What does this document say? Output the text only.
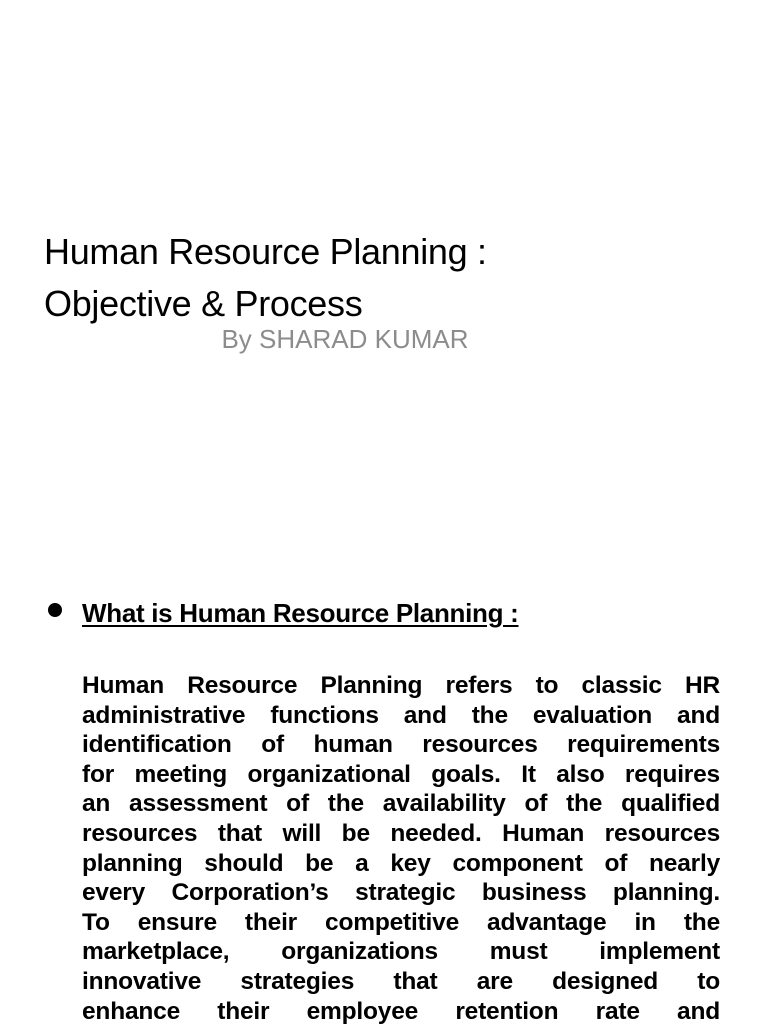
Human Resource Planning :
Objective & Process
By SHARAD KUMAR
What is Human Resource Planning :
Human Resource Planning refers to classic HR
administrative functions and the evaluation and
identification of human resources requirements
for meeting organizational goals. It also requires
an assessment of the availability of the qualified
resources that will be needed. Human resources
planning should be a key component of nearly
every Corporation’s strategic business planning.
To ensure their competitive advantage in the
marketplace, organizations must implement
innovative strategies that are designed to
enhance their employee retention rate and
